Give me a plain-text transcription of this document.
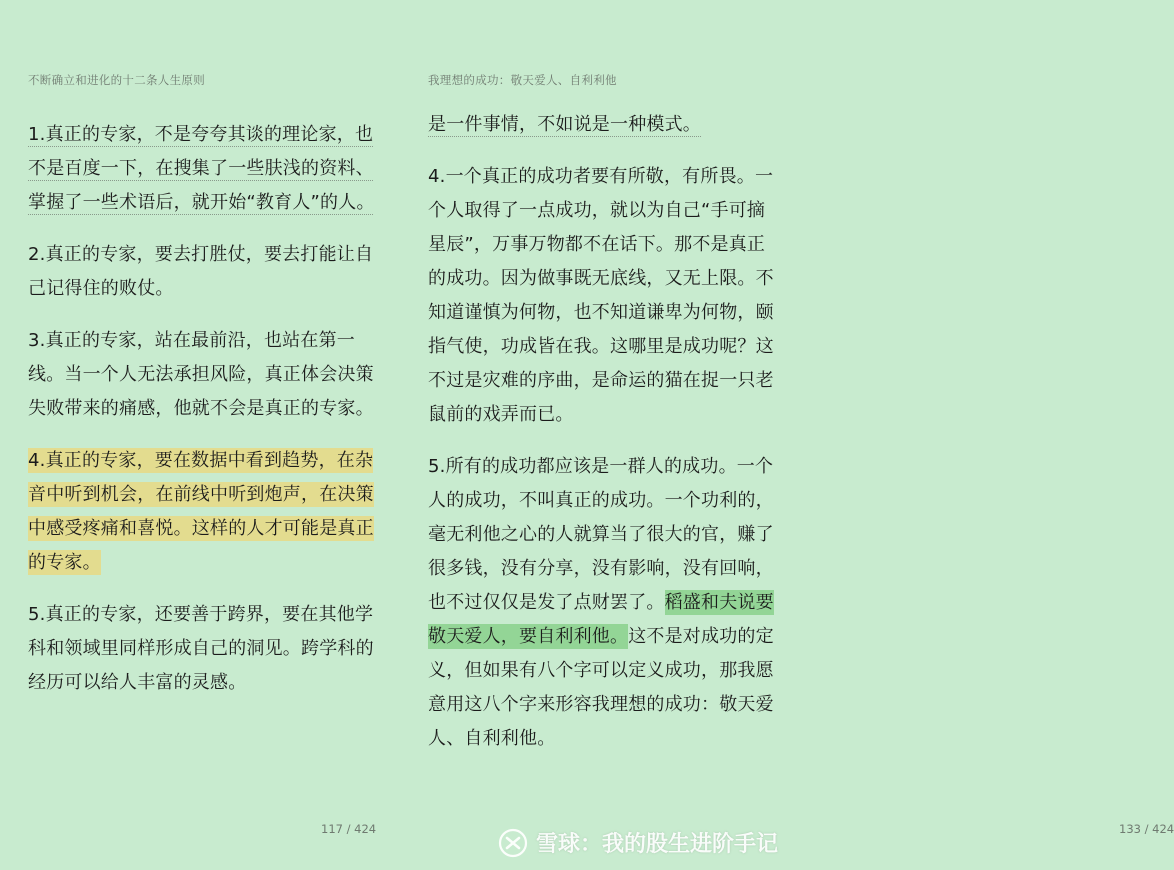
不断确立和进化的十二条人生原则

1.真正的专家，不是夸夸其谈的理论家，也不是百度一下，在搜集了一些肤浅的资料、掌握了一些术语后，就开始“教育人”的人。

2.真正的专家，要去打胜仗，要去打能让自己记得住的败仗。

3.真正的专家，站在最前沿，也站在第一线。当一个人无法承担风险，真正体会决策失败带来的痛感，他就不会是真正的专家。

4.真正的专家，要在数据中看到趋势，在杂音中听到机会，在前线中听到炮声，在决策中感受疼痛和喜悦。这样的人才可能是真正的专家。

5.真正的专家，还要善于跨界，要在其他学科和领域里同样形成自己的洞见。跨学科的经历可以给人丰富的灵感。

117 / 424
我理想的成功：敬天爱人、自利利他

是一件事情，不如说是一种模式。

4.一个真正的成功者要有所敬，有所畏。一个人取得了一点成功，就以为自己“手可摘星辰”，万事万物都不在话下。那不是真正的成功。因为做事既无底线，又无上限。不知道谨慎为何物，也不知道谦卑为何物，颐指气使，功成皆在我。这哪里是成功呢？这不过是灾难的序曲，是命运的猫在捉一只老鼠前的戏弄而已。

5.所有的成功都应该是一群人的成功。一个人的成功，不叫真正的成功。一个功利的，毫无利他之心的人就算当了很大的官，赚了很多钱，没有分享，没有影响，没有回响，也不过仅仅是发了点财罢了。稻盛和夫说要敬天爱人，要自利利他。这不是对成功的定义，但如果有八个字可以定义成功，那我愿意用这八个字来形容我理想的成功：敬天爱人、自利利他。

133 / 424
雪球：我的股生进阶手记
